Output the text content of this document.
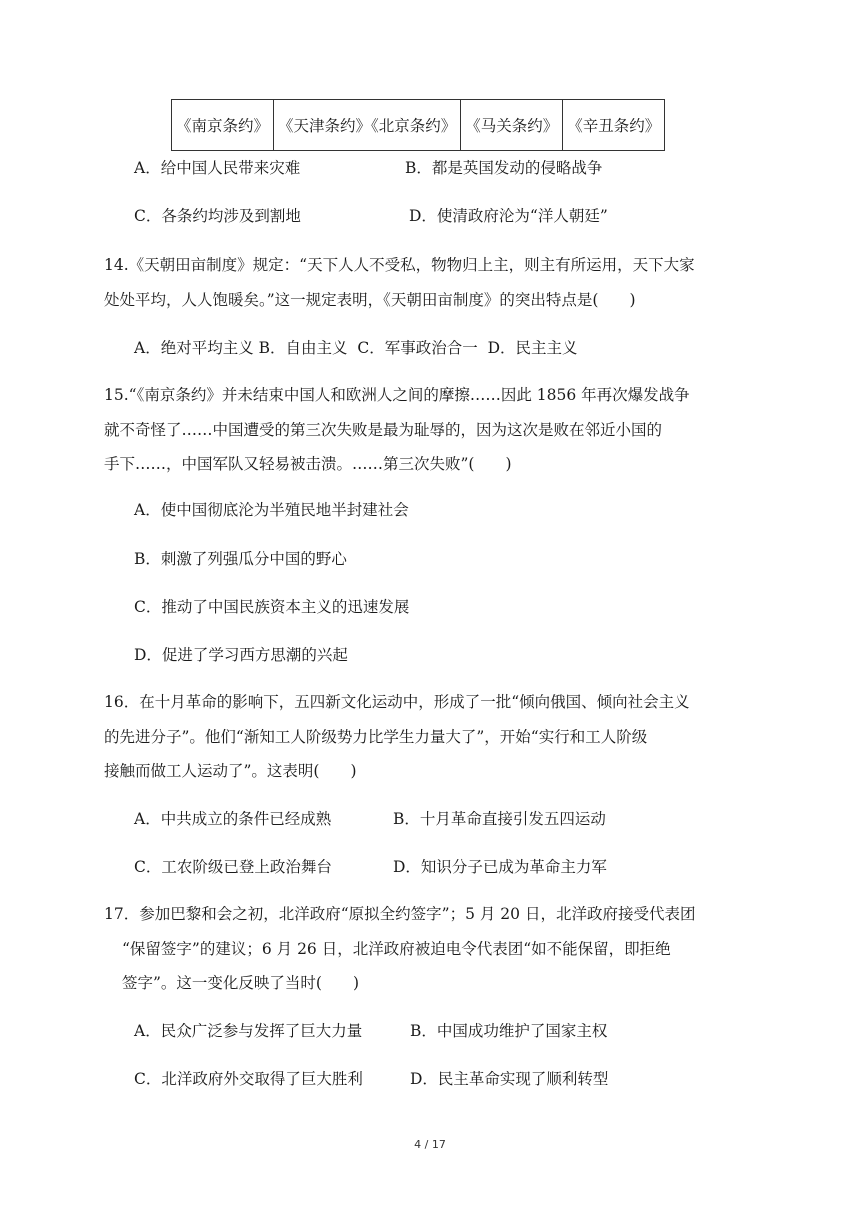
《南京条约》	《天津条约》《北京条约》	《马关条约》	《辛丑条约》
A．给中国人民带来灾难	B．都是英国发动的侵略战争
C．各条约均涉及到割地	D．使清政府沦为“洋人朝廷”
14.《天朝田亩制度》规定：“天下人人不受私，物物归上主，则主有所运用，天下大家
处处平均，人人饱暖矣。”这一规定表明，《天朝田亩制度》的突出特点是(　　)
A．绝对平均主义 B．自由主义  C．军事政治合一  D．民主主义
15.“《南京条约》并未结束中国人和欧洲人之间的摩擦……因此 1856 年再次爆发战争
就不奇怪了……中国遭受的第三次失败是最为耻辱的，因为这次是败在邻近小国的
手下……，中国军队又轻易被击溃。……第三次失败”(　　)
A．使中国彻底沦为半殖民地半封建社会
B．刺激了列强瓜分中国的野心
C．推动了中国民族资本主义的迅速发展
D．促进了学习西方思潮的兴起
16．在十月革命的影响下，五四新文化运动中，形成了一批“倾向俄国、倾向社会主义
的先进分子”。他们“渐知工人阶级势力比学生力量大了”，开始“实行和工人阶级
接触而做工人运动了”。这表明(　　)
A．中共成立的条件已经成熟	B．十月革命直接引发五四运动
C．工农阶级已登上政治舞台	D．知识分子已成为革命主力军
17．参加巴黎和会之初，北洋政府“原拟全约签字”；5 月 20 日，北洋政府接受代表团
“保留签字”的建议；6 月 26 日，北洋政府被迫电令代表团“如不能保留，即拒绝
签字”。这一变化反映了当时(　　)
A．民众广泛参与发挥了巨大力量	B．中国成功维护了国家主权
C．北洋政府外交取得了巨大胜利	D．民主革命实现了顺利转型
4 / 17
